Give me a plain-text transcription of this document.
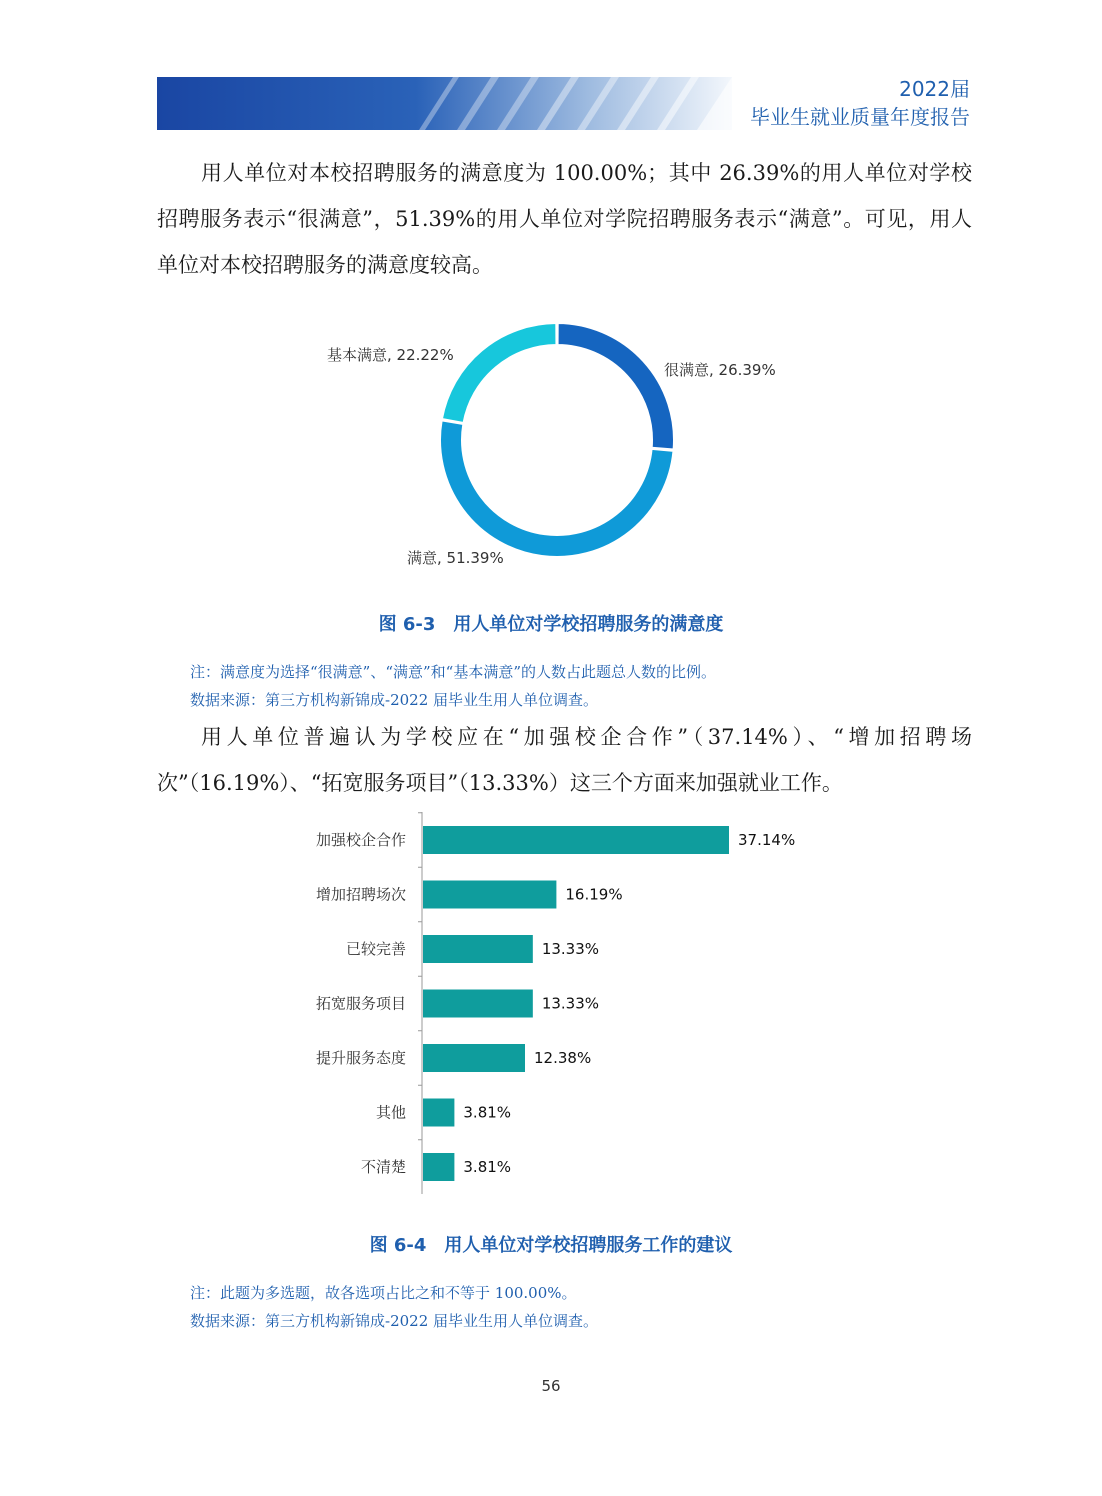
2022届
毕业生就业质量年度报告

用人单位对本校招聘服务的满意度为 100.00%；其中 26.39%的用人单位对学校招聘服务表示“很满意”，51.39%的用人单位对学院招聘服务表示“满意”。可见，用人单位对本校招聘服务的满意度较高。

很满意, 26.39%
满意, 51.39%
基本满意, 22.22%
图 6-3 用人单位对学校招聘服务的满意度
注：满意度为选择“很满意”、“满意”和“基本满意”的人数占此题总人数的比例。
数据来源：第三方机构新锦成-2022 届毕业生用人单位调查。

用人单位普遍认为学校应在“加强校企合作”（37.14%）、“增加招聘场次”（16.19%）、“拓宽服务项目”（13.33%）这三个方面来加强就业工作。

加强校企合作	37.14%
增加招聘场次	16.19%
已较完善	13.33%
拓宽服务项目	13.33%
提升服务态度	12.38%
其他	3.81%
不清楚	3.81%
图 6-4 用人单位对学校招聘服务工作的建议
注：此题为多选题，故各选项占比之和不等于 100.00%。
数据来源：第三方机构新锦成-2022 届毕业生用人单位调查。
56
